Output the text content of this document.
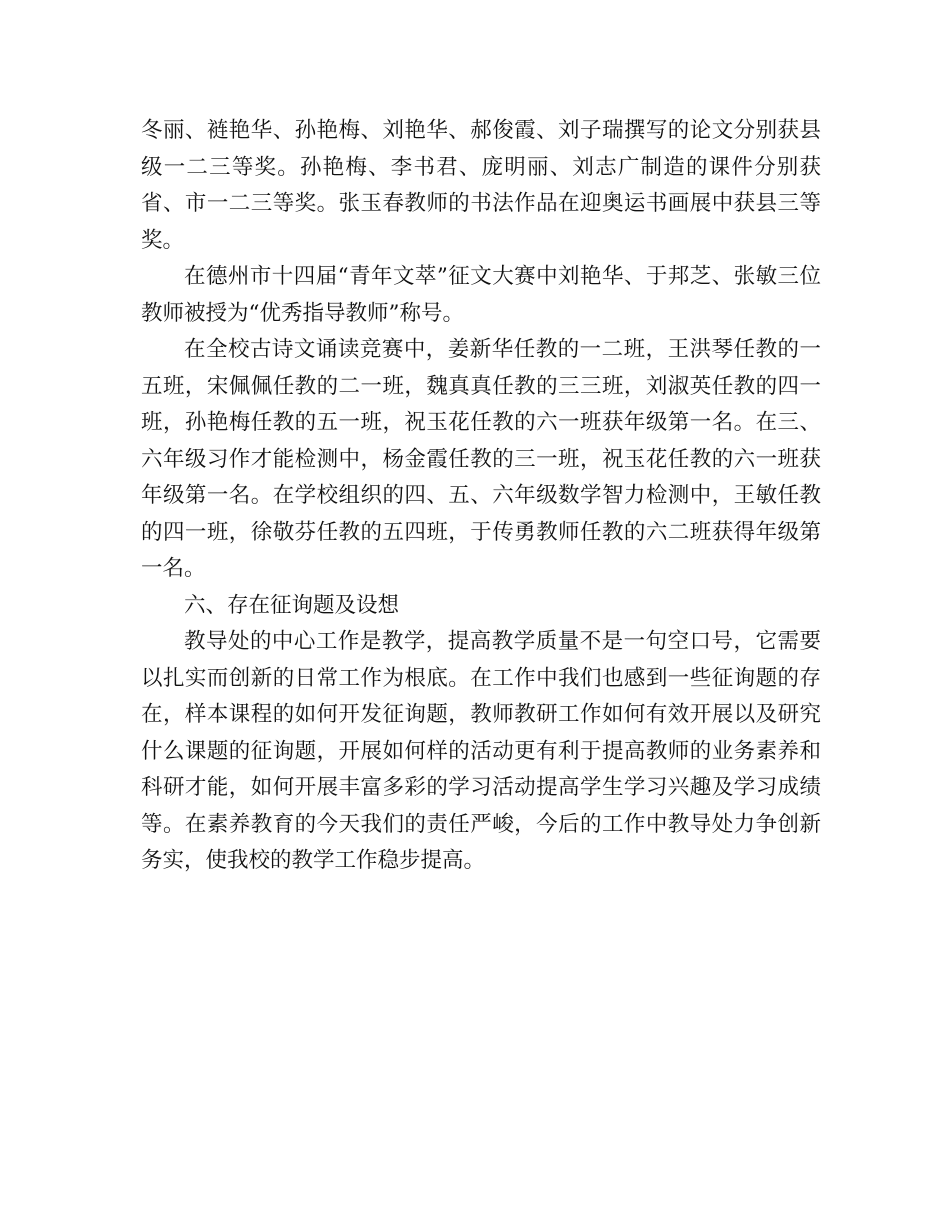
冬丽、裢艳华、孙艳梅、刘艳华、郝俊霞、刘子瑞撰写的论文分别获县级一二三等奖。孙艳梅、李书君、庞明丽、刘志广制造的课件分别获省、市一二三等奖。张玉春教师的书法作品在迎奥运书画展中获县三等奖。

在德州市十四届“青年文萃”征文大赛中刘艳华、于邦芝、张敏三位教师被授为“优秀指导教师”称号。

在全校古诗文诵读竞赛中，姜新华任教的一二班，王洪琴任教的一五班，宋佩佩任教的二一班，魏真真任教的三三班，刘淑英任教的四一班，孙艳梅任教的五一班，祝玉花任教的六一班获年级第一名。在三、六年级习作才能检测中，杨金霞任教的三一班，祝玉花任教的六一班获年级第一名。在学校组织的四、五、六年级数学智力检测中，王敏任教的四一班，徐敬芬任教的五四班，于传勇教师任教的六二班获得年级第一名。

六、存在征询题及设想

教导处的中心工作是教学，提高教学质量不是一句空口号，它需要以扎实而创新的日常工作为根底。在工作中我们也感到一些征询题的存在，样本课程的如何开发征询题，教师教研工作如何有效开展以及研究什么课题的征询题，开展如何样的活动更有利于提高教师的业务素养和科研才能，如何开展丰富多彩的学习活动提高学生学习兴趣及学习成绩等。在素养教育的今天我们的责任严峻，今后的工作中教导处力争创新务实，使我校的教学工作稳步提高。
